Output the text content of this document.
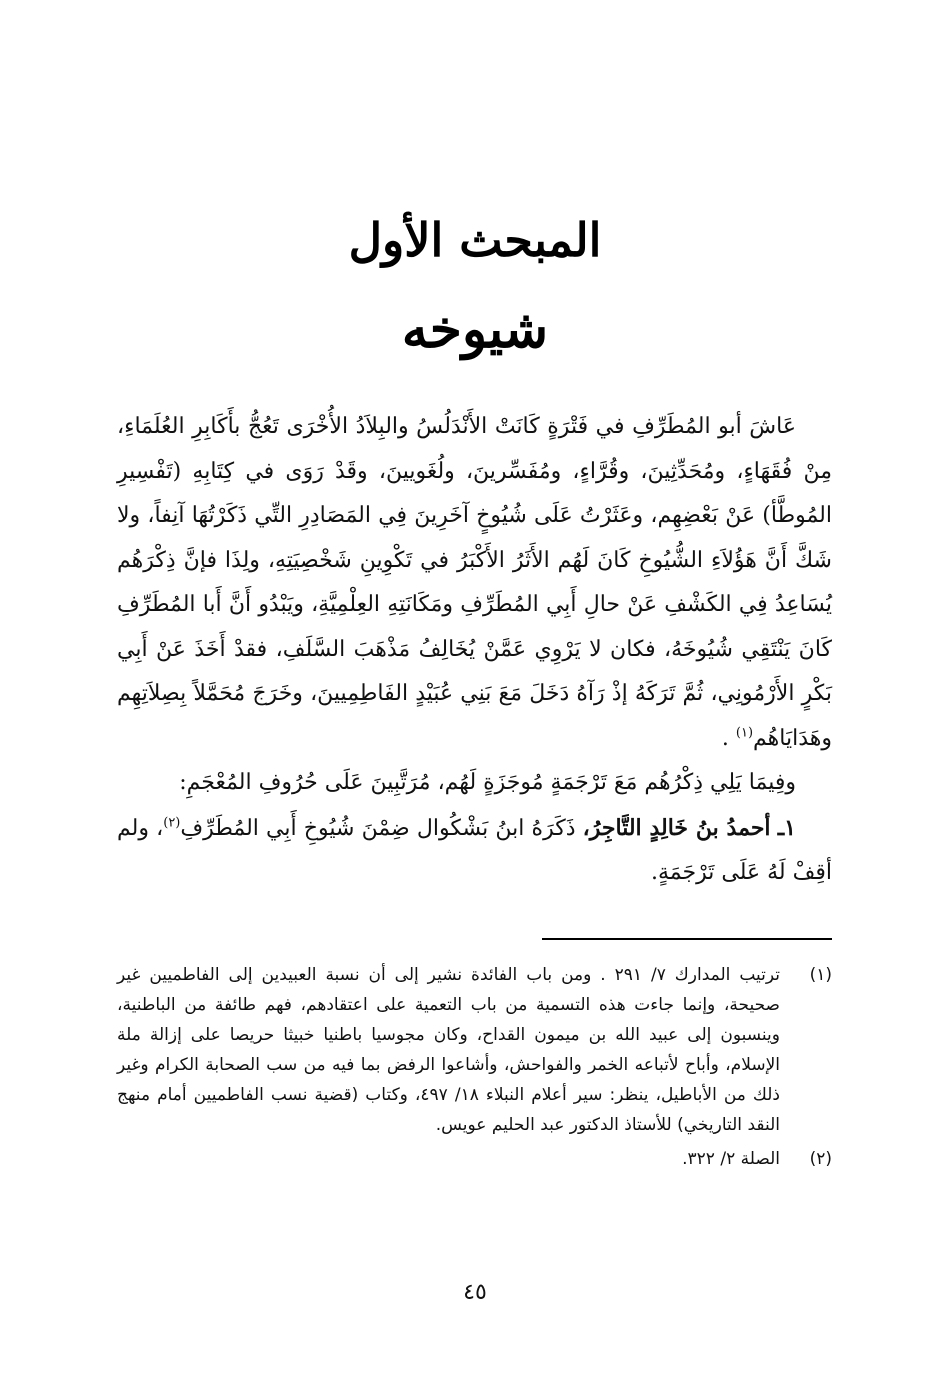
المبحث الأول
شيوخه

عَاشَ أبو المُطَرِّفِ في فَتْرَةٍ كَانَتْ الأَنْدَلُسُ والبِلاَدُ الأُخْرَى تَعُجُّ بأَكَابِرِ العُلَمَاءِ، مِنْ فُقَهَاءٍ، ومُحَدِّثِينَ، وقُرَّاءٍ، ومُفَسِّرينَ، ولُغَويينَ، وقَدْ رَوَى في كِتَابِهِ (تَفْسِيرِ المُوطَّأ) عَنْ بَعْضِهِم، وعَثَرْتُ عَلَى شُيُوخٍ آخَرِينَ فِي المَصَادِرِ التِّي ذَكَرْتُهَا آنِفاً، ولا شَكَّ أَنَّ هَؤُلاَءِ الشُّيُوخِ كَانَ لَهُم الأَثَرُ الأَكْبَرُ في تَكْوِينِ شَخْصِيَتِهِ، ولِذَا فإنَّ ذِكْرَهُم يُسَاعِدُ فِي الكَشْفِ عَنْ حالِ أَبِي المُطَرِّفِ ومَكَانَتِهِ العِلْمِيَّةِ، ويَبْدُو أَنَّ أَبا المُطَرِّفِ كَانَ يَنْتَقِي شُيُوخَهُ، فكان لا يَرْوِي عَمَّنْ يُخَالِفُ مَذْهَبَ السَّلَفِ، فقدْ أَخَذَ عَنْ أَبِي بَكْرٍ الأَرْمُونِي، ثُمَّ تَرَكَهُ إذْ رَآهُ دَخَلَ مَعَ بَنِي عُبَيْدٍ الفَاطِمِيينَ، وخَرَجَ مُحَمَّلاً بِصِلاَتِهِم وهَدَايَاهُم$^{(١)}$ .

وفِيمَا يَلِي ذِكْرُهُم مَعَ تَرْجَمَةٍ مُوجَزَةٍ لَهُم، مُرَتَّبِينَ عَلَى حُرُوفِ المُعْجَمِ:

١ـ أحمدُ بنُ خَالِدٍ التَّاجِرُ، ذَكَرَهُ ابنُ بَشْكُوال ضِمْنَ شُيُوخِ أَبِي المُطَرِّفِ$^{(٢)}$، ولم أقِفْ لَهُ عَلَى تَرْجَمَةٍ.

(١)
ترتيب المدارك ٧/ ٢٩١ . ومن باب الفائدة نشير إلى أن نسبة العبيدين إلى الفاطميين غير صحيحة، وإنما جاءت هذه التسمية من باب التعمية على اعتقادهم، فهم طائفة من الباطنية، وينسبون إلى عبيد الله بن ميمون القداح، وكان مجوسيا باطنيا خبيثا حريصا على إزالة ملة الإسلام، وأباح لأتباعه الخمر والفواحش، وأشاعوا الرفض بما فيه من سب الصحابة الكرام وغير ذلك من الأباطيل، ينظر: سير أعلام النبلاء ١٨/ ٤٩٧، وكتاب (قضية نسب الفاطميين أمام منهج النقد التاريخي) للأستاذ الدكتور عبد الحليم عويس.
(٢)
الصلة ٢/ ٣٢٢.
٤٥
